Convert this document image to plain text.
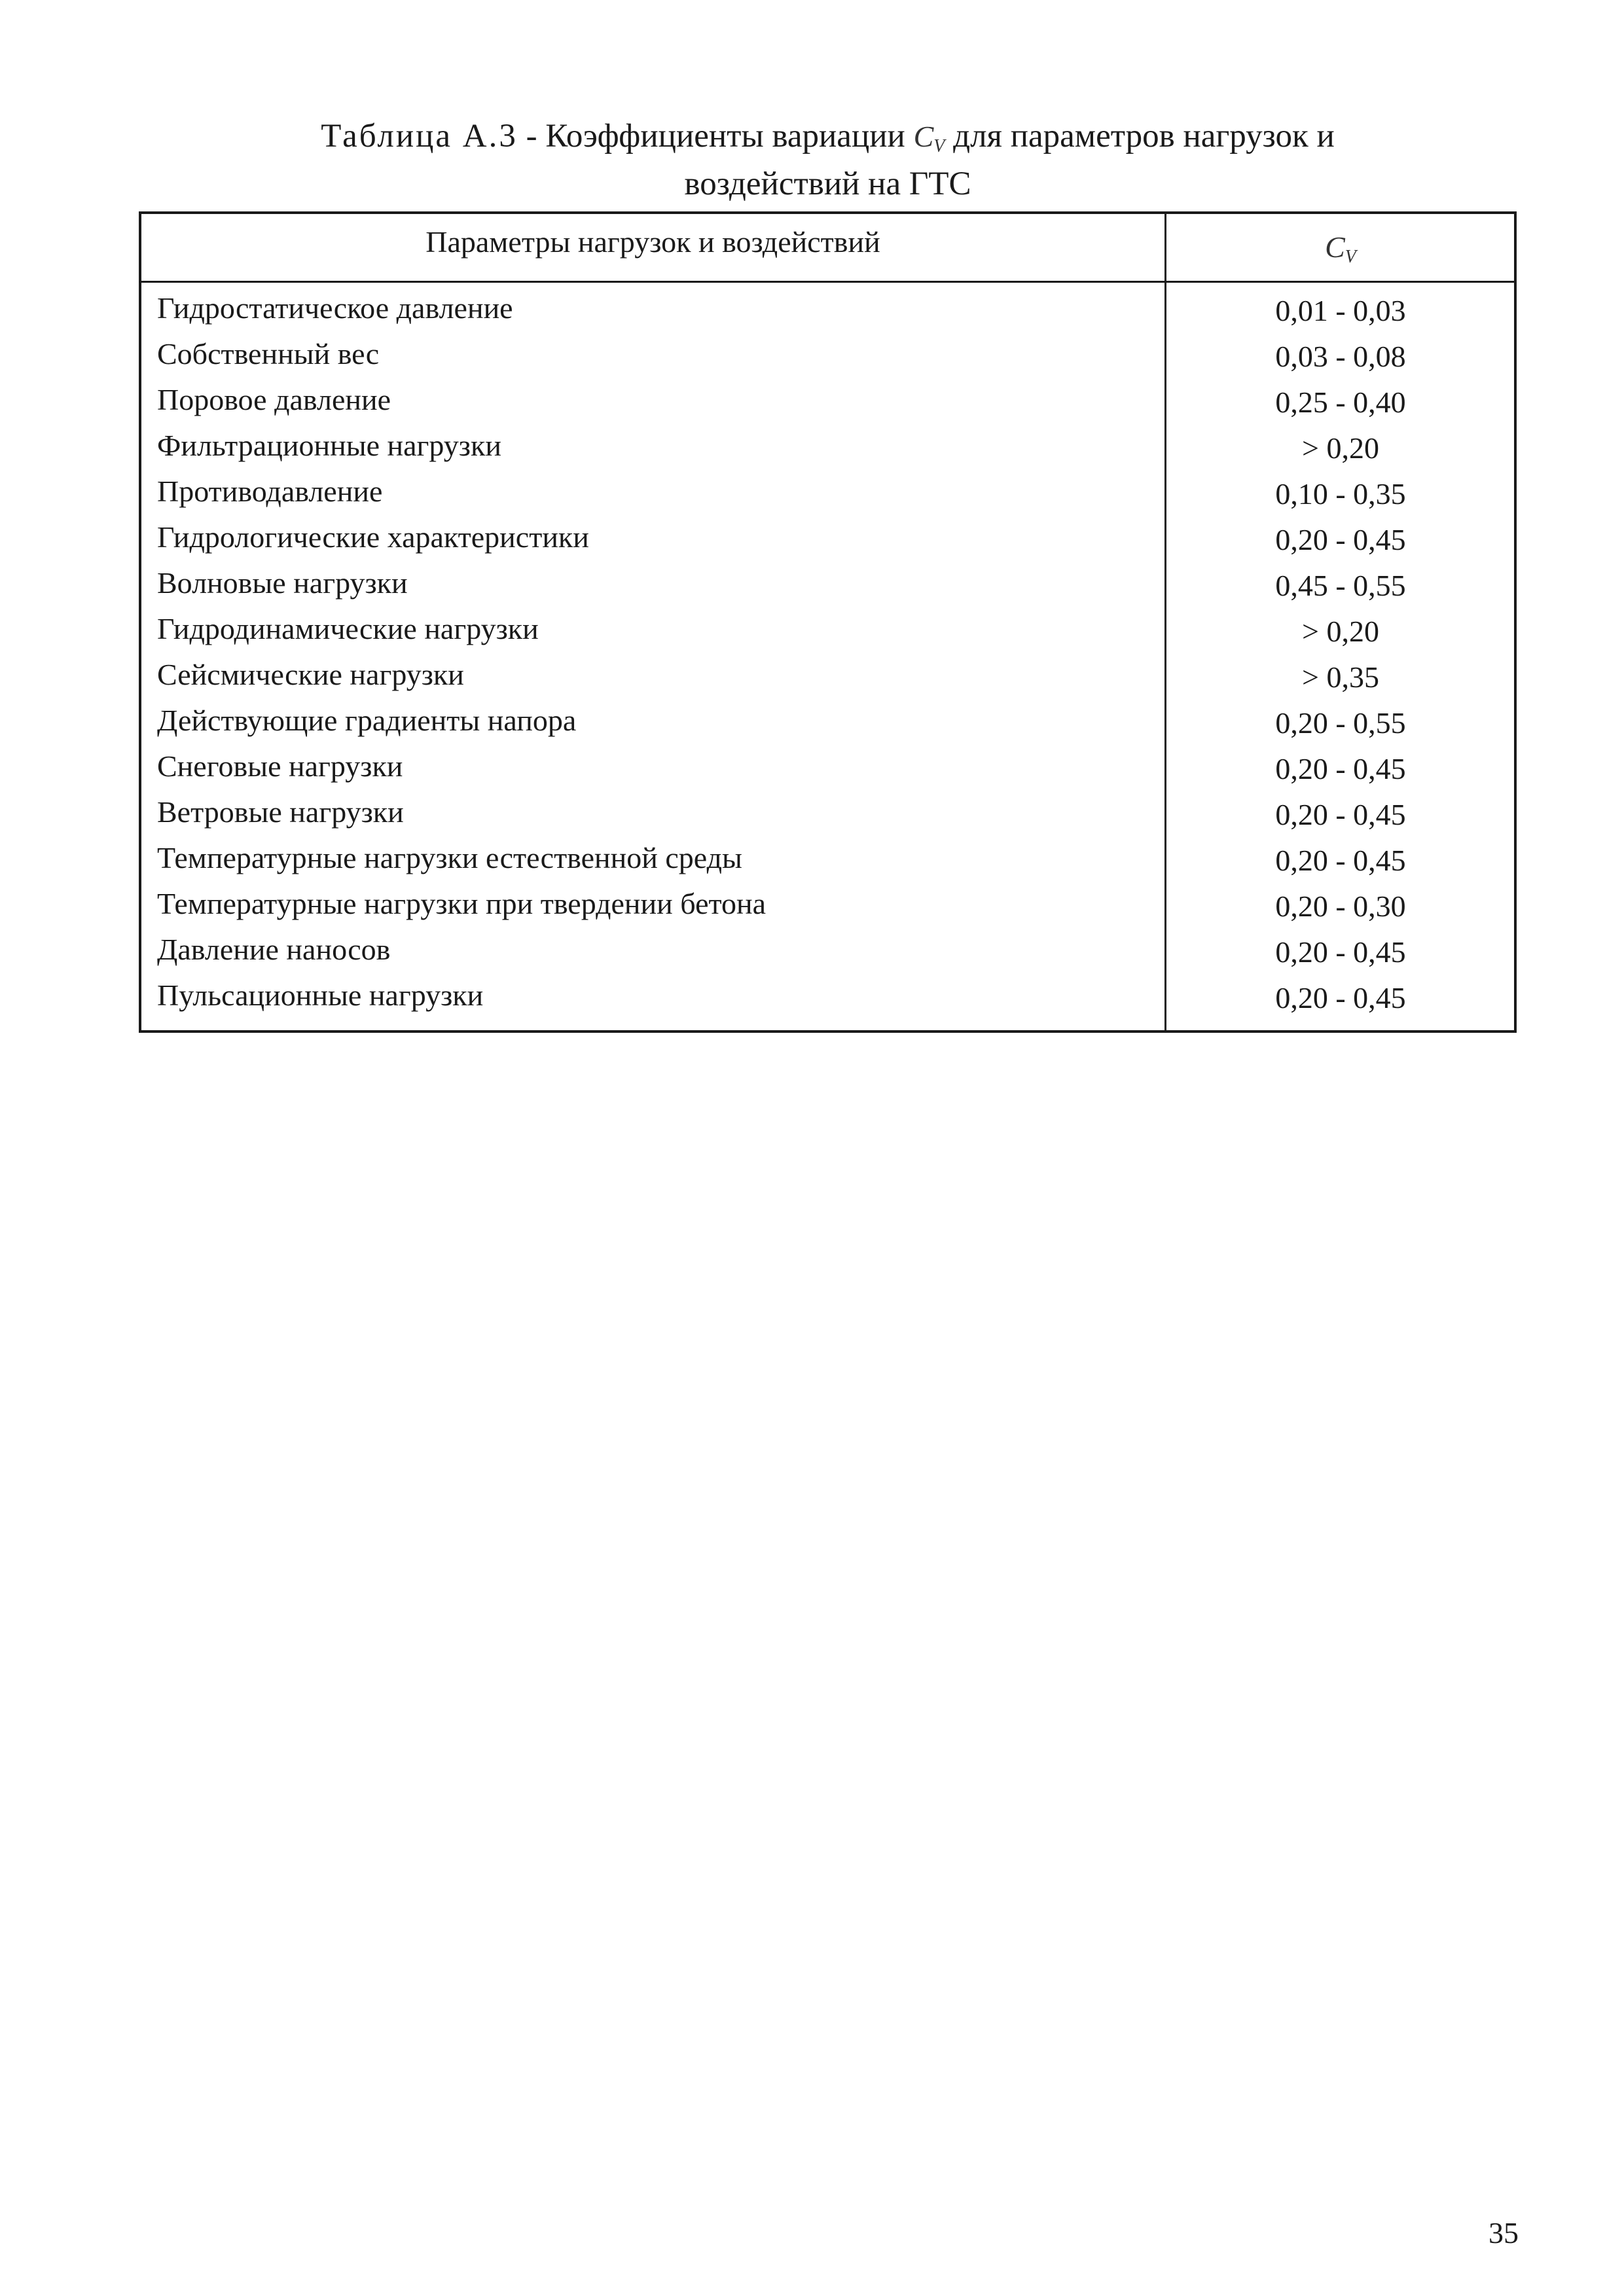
Таблица А.3 - Коэффициенты вариации $C_V$ для параметров нагрузок и
воздействий на ГТС
Параметры нагрузок и воздействий	$C_V$
Гидростатическое давление	0,01 - 0,03
Собственный вес	0,03 - 0,08
Поровое давление	0,25 - 0,40
Фильтрационные нагрузки	> 0,20
Противодавление	0,10 - 0,35
Гидрологические характеристики	0,20 - 0,45
Волновые нагрузки	0,45 - 0,55
Гидродинамические нагрузки	> 0,20
Сейсмические нагрузки	> 0,35
Действующие градиенты напора	0,20 - 0,55
Снеговые нагрузки	0,20 - 0,45
Ветровые нагрузки	0,20 - 0,45
Температурные нагрузки естественной среды	0,20 - 0,45
Температурные нагрузки при твердении бетона	0,20 - 0,30
Давление наносов	0,20 - 0,45
Пульсационные нагрузки	0,20 - 0,45
35
